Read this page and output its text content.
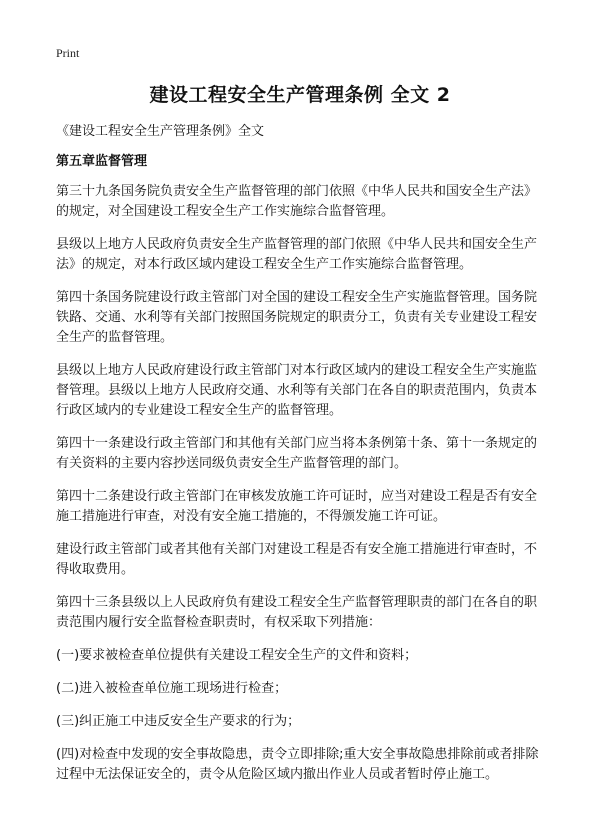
Print
建设工程安全生产管理条例 全文 2

《建设工程安全生产管理条例》全文

第五章监督管理

第三十九条国务院负责安全生产监督管理的部门依照《中华人民共和国安全生产法》的规定，对全国建设工程安全生产工作实施综合监督管理。

县级以上地方人民政府负责安全生产监督管理的部门依照《中华人民共和国安全生产法》的规定，对本行政区域内建设工程安全生产工作实施综合监督管理。

第四十条国务院建设行政主管部门对全国的建设工程安全生产实施监督管理。国务院铁路、交通、水利等有关部门按照国务院规定的职责分工，负责有关专业建设工程安全生产的监督管理。

县级以上地方人民政府建设行政主管部门对本行政区域内的建设工程安全生产实施监督管理。县级以上地方人民政府交通、水利等有关部门在各自的职责范围内，负责本行政区域内的专业建设工程安全生产的监督管理。

第四十一条建设行政主管部门和其他有关部门应当将本条例第十条、第十一条规定的有关资料的主要内容抄送同级负责安全生产监督管理的部门。

第四十二条建设行政主管部门在审核发放施工许可证时，应当对建设工程是否有安全施工措施进行审查，对没有安全施工措施的，不得颁发施工许可证。

建设行政主管部门或者其他有关部门对建设工程是否有安全施工措施进行审查时，不得收取费用。

第四十三条县级以上人民政府负有建设工程安全生产监督管理职责的部门在各自的职责范围内履行安全监督检查职责时，有权采取下列措施：

(一)要求被检查单位提供有关建设工程安全生产的文件和资料；

(二)进入被检查单位施工现场进行检查；

(三)纠正施工中违反安全生产要求的行为；

(四)对检查中发现的安全事故隐患，责令立即排除;重大安全事故隐患排除前或者排除过程中无法保证安全的，责令从危险区域内撤出作业人员或者暂时停止施工。
